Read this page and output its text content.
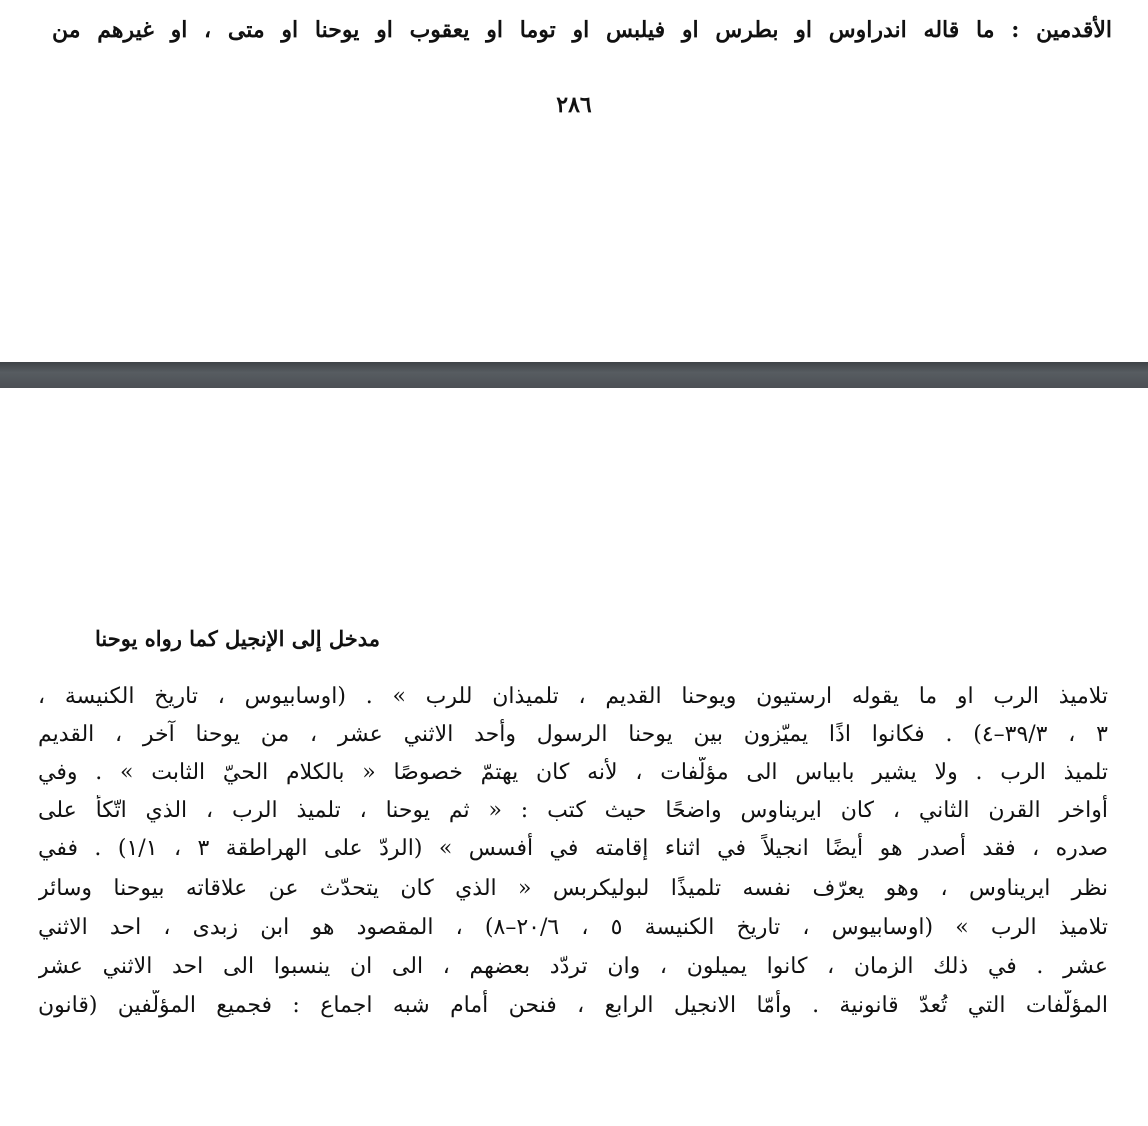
الأقدمين : ما قاله اندراوس او بطرس او فيلبس او توما او يعقوب او يوحنا او متى ، او غيرهم من
٢٨٦
مدخل إلى الإنجيل كما رواه يوحنا
تلاميذ الرب او ما يقوله ارستيون ويوحنا القديم ، تلميذان للرب » . (اوسابيوس ، تاريخ الكنيسة ،
٣ ، ٣٩/٣–٤) . فكانوا اذًا يميّزون بين يوحنا الرسول وأحد الاثني عشر ، من يوحنا آخر ، القديم
تلميذ الرب . ولا يشير بابياس الى مؤلّفات ، لأنه كان يهتمّ خصوصًا « بالكلام الحيّ الثابت » . وفي
أواخر القرن الثاني ، كان ايريناوس واضحًا حيث كتب : « ثم يوحنا ، تلميذ الرب ، الذي اتّكأ على
صدره ، فقد أصدر هو أيضًا انجيلاً في اثناء إقامته في أفسس » (الردّ على الهراطقة ٣ ، ١/١) . ففي
نظر ايريناوس ، وهو يعرّف نفسه تلميذًا لبوليكربس « الذي كان يتحدّث عن علاقاته بيوحنا وسائر
تلاميذ الرب » (اوسابيوس ، تاريخ الكنيسة ٥ ، ٢٠/٦–٨) ، المقصود هو ابن زبدى ، احد الاثني
عشر . في ذلك الزمان ، كانوا يميلون ، وان تردّد بعضهم ، الى ان ينسبوا الى احد الاثني عشر
المؤلّفات التي تُعدّ قانونية . وأمّا الانجيل الرابع ، فنحن أمام شبه اجماع : فجميع المؤلّفين (قانون
